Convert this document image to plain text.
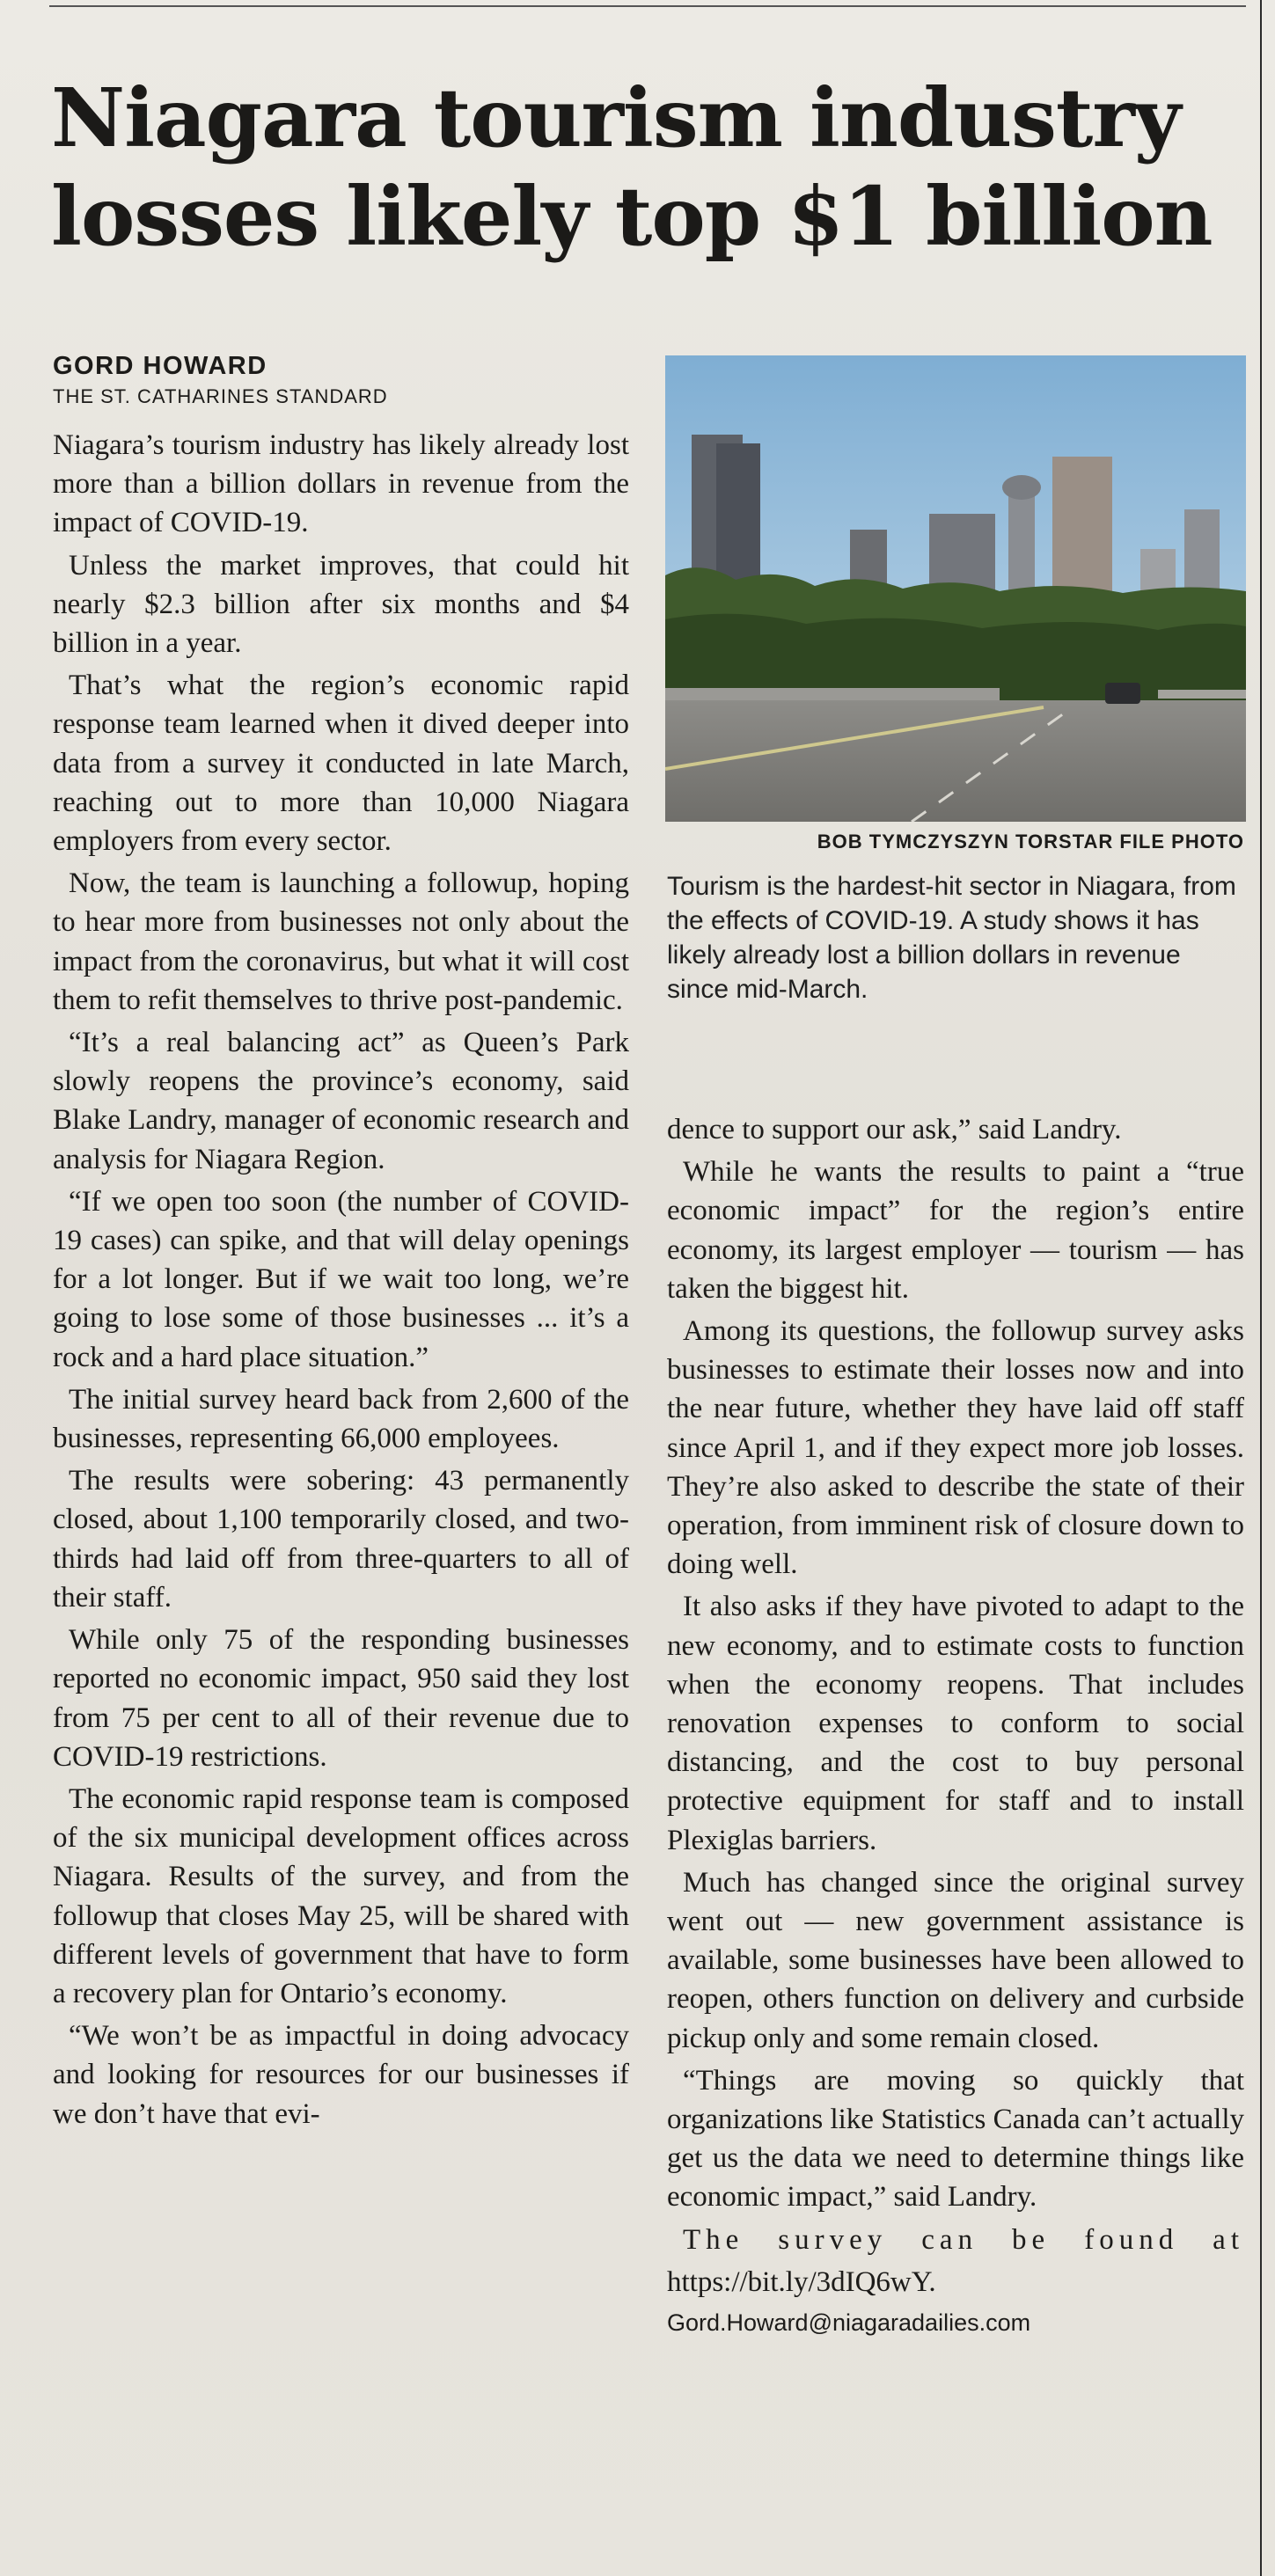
Niagara tourism industry losses likely top $1 billion
GORD HOWARD
THE ST. CATHARINES STANDARD

Niagara’s tourism industry has likely already lost more than a billion dollars in revenue from the impact of COVID-19.

Unless the market improves, that could hit nearly $2.3 billion after six months and $4 billion in a year.

That’s what the region’s economic rapid response team learned when it dived deeper into data from a survey it conducted in late March, reaching out to more than 10,000 Niagara employers from every sector.

Now, the team is launching a followup, hoping to hear more from businesses not only about the impact from the coronavirus, but what it will cost them to refit themselves to thrive post-pandemic.

“It’s a real balancing act” as Queen’s Park slowly reopens the province’s economy, said Blake Landry, manager of economic research and analysis for Niagara Region.

“If we open too soon (the number of COVID-19 cases) can spike, and that will delay openings for a lot longer. But if we wait too long, we’re going to lose some of those businesses ... it’s a rock and a hard place situation.”

The initial survey heard back from 2,600 of the businesses, representing 66,000 employees.

The results were sobering: 43 permanently closed, about 1,100 temporarily closed, and two-thirds had laid off from three-quarters to all of their staff.

While only 75 of the responding businesses reported no economic impact, 950 said they lost from 75 per cent to all of their revenue due to COVID-19 restrictions.

The economic rapid response team is composed of the six municipal development offices across Niagara. Results of the survey, and from the followup that closes May 25, will be shared with different levels of government that have to form a recovery plan for Ontario’s economy.

“We won’t be as impactful in doing advocacy and looking for resources for our businesses if we don’t have that evi-

BOB TYMCZYSZYN TORSTAR FILE PHOTO
Tourism is the hardest-hit sector in Niagara, from the effects of COVID-19. A study shows it has likely already lost a billion dollars in revenue since mid-March.

dence to support our ask,” said Landry.

While he wants the results to paint a “true economic impact” for the region’s entire economy, its largest employer — tourism — has taken the biggest hit.

Among its questions, the followup survey asks businesses to estimate their losses now and into the near future, whether they have laid off staff since April 1, and if they expect more job losses. They’re also asked to describe the state of their operation, from imminent risk of closure down to doing well.

It also asks if they have pivoted to adapt to the new economy, and to estimate costs to function when the economy reopens. That includes renovation expenses to conform to social distancing, and the cost to buy personal protective equipment for staff and to install Plexiglas barriers.

Much has changed since the original survey went out — new government assistance is available, some businesses have been allowed to reopen, others function on delivery and curbside pickup only and some remain closed.

“Things are moving so quickly that organizations like Statistics Canada can’t actually get us the data we need to determine things like economic impact,” said Landry.

The survey can be found at

https://bit.ly/3dIQ6wY.

Gord.Howard@niagaradailies.com
